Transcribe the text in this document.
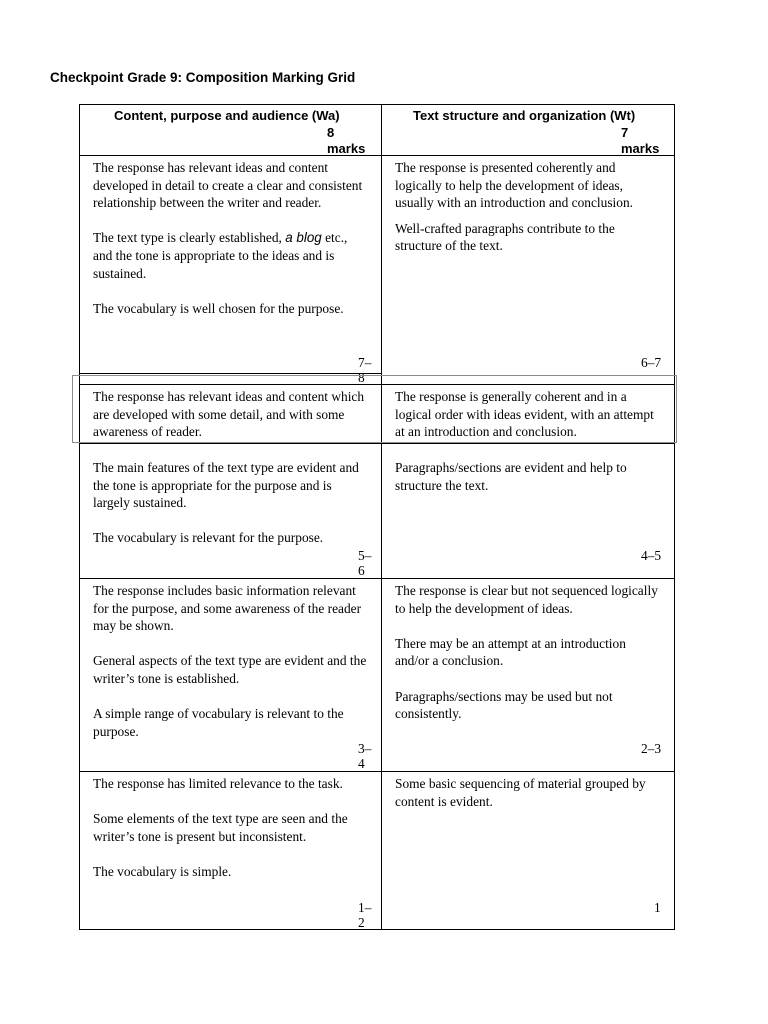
Checkpoint Grade 9: Composition Marking Grid
Content, purpose and audience (Wa)
8
marks
Text structure and organization (Wt)
7
marks

The response has relevant ideas and content developed in detail to create a clear and consistent relationship between the writer and reader.

The text type is clearly established, a blog etc., and the tone is appropriate to the ideas and is sustained.

The vocabulary is well chosen for the purpose.

7–
8

The response is presented coherently and logically to help the development of ideas, usually with an introduction and conclusion.

Well-crafted paragraphs contribute to the structure of the text.

6–7

The response has relevant ideas and content which are developed with some detail, and with some awareness of reader.

The main features of the text type are evident and the tone is appropriate for the purpose and is largely sustained.

The vocabulary is relevant for the purpose.

5–
6

The response is generally coherent and in a logical order with ideas evident, with an attempt at an introduction and conclusion.

Paragraphs/sections are evident and help to structure the text.

4–5

The response includes basic information relevant for the purpose, and some awareness of the reader may be shown.

General aspects of the text type are evident and the writer’s tone is established.

A simple range of vocabulary is relevant to the purpose.

3–
4

The response is clear but not sequenced logically to help the development of ideas.

There may be an attempt at an introduction and/or a conclusion.

Paragraphs/sections may be used but not consistently.

2–3

The response has limited relevance to the task.

Some elements of the text type are seen and the writer’s tone is present but inconsistent.

The vocabulary is simple.

1–
2

Some basic sequencing of material grouped by content is evident.

1
